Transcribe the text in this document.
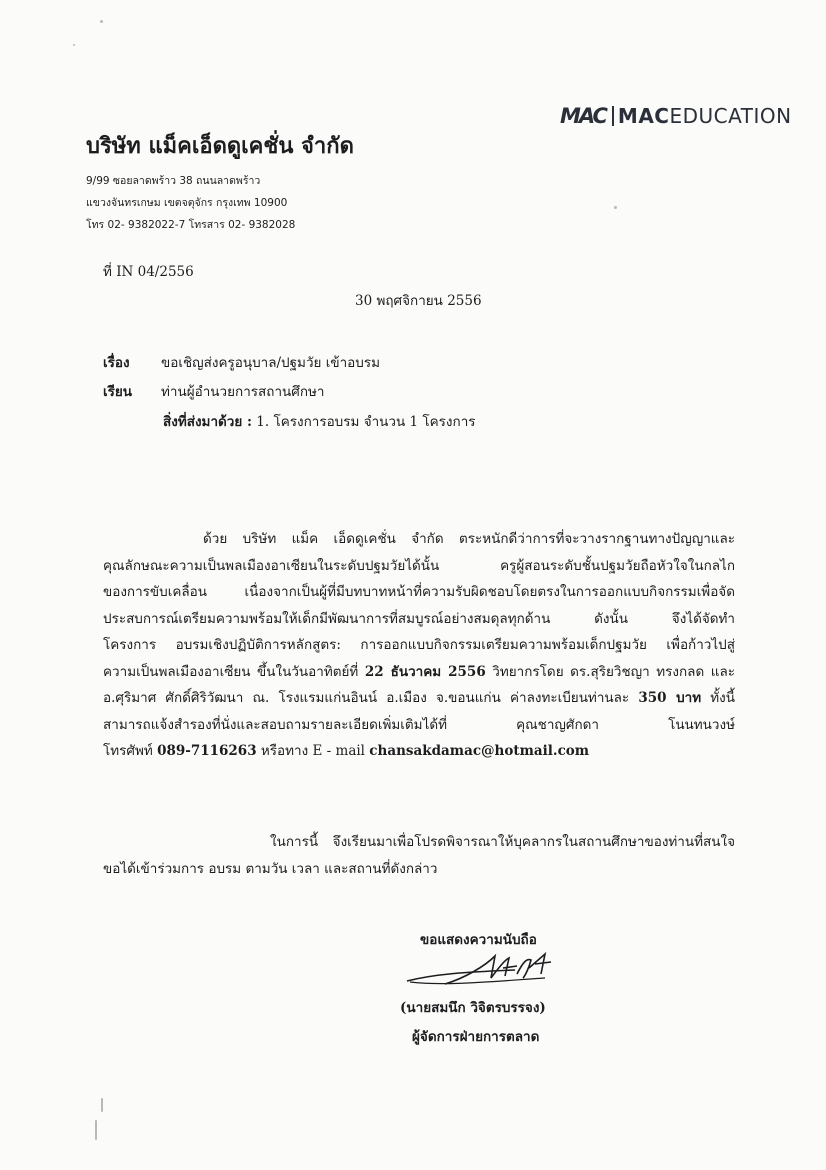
MAC MACEDUCATION
บริษัท แม็คเอ็ดดูเคชั่น จำกัด
9/99 ซอยลาดพร้าว 38 ถนนลาดพร้าว
แขวงจันทรเกษม เขตจตุจักร กรุงเทพ 10900
โทร 02- 9382022-7 โทรสาร 02- 9382028
ที่ IN 04/2556
30 พฤศจิกายน 2556
เรื่อง	ขอเชิญส่งครูอนุบาล/ปฐมวัย เข้าอบรม
เรียน	ท่านผู้อำนวยการสถานศึกษา
สิ่งที่ส่งมาด้วย : 1. โครงการอบรม จำนวน 1 โครงการ

ด้วย บริษัท แม็ค เอ็ดดูเคชั่น จำกัด ตระหนักดีว่าการที่จะวางรากฐานทางปัญญาและ

คุณลักษณะความเป็นพลเมืองอาเซียนในระดับปฐมวัยได้นั้น ครูผู้สอนระดับชั้นปฐมวัยถือหัวใจในกลไก

ของการขับเคลื่อน เนื่องจากเป็นผู้ที่มีบทบาทหน้าที่ความรับผิดชอบโดยตรงในการออกแบบกิจกรรมเพื่อจัด

ประสบการณ์เตรียมความพร้อมให้เด็กมีพัฒนาการที่สมบูรณ์อย่างสมดุลทุกด้าน ดังนั้น จึงได้จัดทำ

โครงการ อบรมเชิงปฏิบัติการหลักสูตร: การออกแบบกิจกรรมเตรียมความพร้อมเด็กปฐมวัย เพื่อก้าวไปสู่

ความเป็นพลเมืองอาเซียน ขึ้นในวันอาทิตย์ที่ 22 ธันวาคม 2556 วิทยากรโดย ดร.สุริยวิชญา ทรงกลด และ

อ.ศุริมาศ ศักดิ์ศิริวัฒนา ณ. โรงแรมแก่นอินน์ อ.เมือง จ.ขอนแก่น ค่าลงทะเบียนท่านละ 350 บาท ทั้งนี้

สามารถแจ้งสำรองที่นั่งและสอบถามรายละเอียดเพิ่มเติมได้ที่ คุณชาญศักดา โนนทนวงษ์

โทรศัพท์ 089-7116263 หรือทาง E - mail chansakdamac@hotmail.com

ในการนี้ จึงเรียนมาเพื่อโปรดพิจารณาให้บุคลากรในสถานศึกษาของท่านที่สนใจ

ขอได้เข้าร่วมการ อบรม ตามวัน เวลา และสถานที่ดังกล่าว

ขอแสดงความนับถือ
(นายสมนึก วิจิตรบรรจง)
ผู้จัดการฝ่ายการตลาด
